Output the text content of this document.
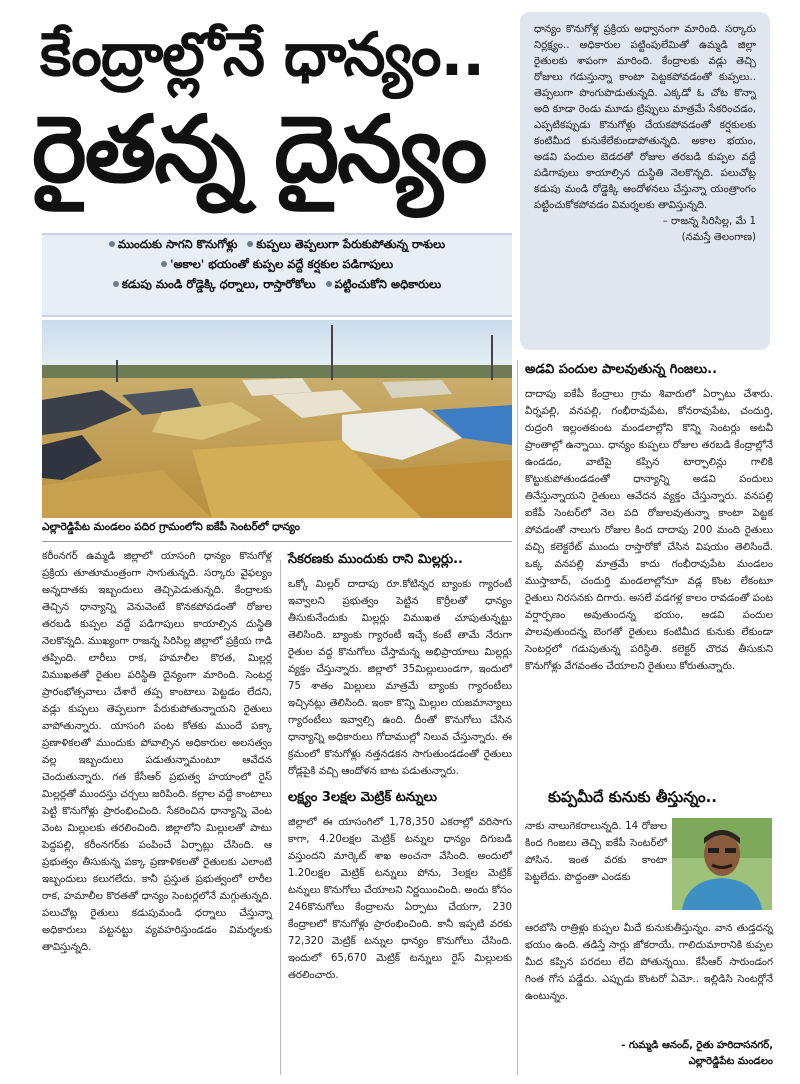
కేంద్రాల్లోనే ధాన్యం..
రైతన్న దైన్యం
ముందుకు సాగని కొనుగోళ్లు	కుప్పలు తెప్పలుగా పేరుకుపోతున్న రాశులు
'అకాల' భయంతో కుప్పల వద్దే కర్షకుల పడిగాపులు
కడుపు మండి రోడ్డెక్కి ధర్నాలు, రాస్తారోకోలు	పట్టించుకోని అధికారులు
ఎల్లారెడ్డిపేట మండలం పదిర గ్రామంలోని ఐకేపీ సెంటర్‌లో ధాన్యం
ధాన్యం కొనుగోళ్ల ప్రక్రియ అధ్వానంగా మారింది. సర్కారు నిర్లక్ష్యం.. అధికారుల పట్టింపులేమితో ఉమ్మడి జిల్లా రైతులకు శాపంగా మారింది. కేంద్రాలకు వడ్లు తెచ్చి రోజులు గడుస్తున్నా కాంటా పెట్టకపోవడంతో కుప్పలు.. తెప్పలుగా పొంగుపొడుతున్నది. ఎక్కడో ఓ చోట కొన్నా అది కూడా రెండు మూడు ట్రిప్పులు మాత్రమే సేకరించడం, ఎప్పటికప్పుడు కొనుగోళ్లు చేయకపోవడంతో కర్షకులకు కంటిమీద కునుకేలేకుండాపోతున్నది. అకాల భయం, అడవి పందుల బెడదతో రోజుల తరబడి కుప్పల వద్దే పడిగాపులు కాయాల్సిన దుస్థితి నెలకొన్నది. పలుచోట్ల కడుపు మండి రోడ్డెక్కి ఆందోళనలు చేస్తున్నా యంత్రాంగం పట్టించుకోకపోవడం విమర్శలకు తావిస్తున్నది.
– రాజన్న సిరిసిల్ల, మే 1
(నమస్తే తెలంగాణ)
కరీంనగర్ ఉమ్మడి జిల్లాలో యాసంగి ధాన్యం కొనుగోళ్ల ప్రక్రియ తూతూమంత్రంగా సాగుతున్నది. సర్కారు వైఫల్యం అన్నదాతకు ఇబ్బందులు తెచ్చిపెడుతున్నది. కేంద్రాలకు తెచ్చిన ధాన్యాన్ని వెనువెంటే కొనకపోవడంతో రోజుల తరబడి కుప్పల వద్దే పడిగాపులు కాయాల్సిన దుస్థితి నెలకొన్నది. ముఖ్యంగా రాజన్న సిరిసిల్ల జిల్లాలో ప్రక్రియ గాడి తప్పింది. లారీలు రాక, హమాలీల కొరత, మిల్లర్ల విముఖతతో రైతుల పరిస్థితి దైన్యంగా మారింది. సెంటర్ల ప్రారంభోత్సవాలు చేశారే తప్ప కాంటాలు పెట్టడం లేదని, వడ్లు కుప్పలు తెప్పలుగా పేరుకుపోతున్నాయని రైతులు వాపోతున్నారు. యాసంగి పంట కోతకు ముందే పక్కా ప్రణాళికలతో ముందుకు పోవాల్సిన అధికారుల అలసత్వం వల్ల ఇబ్బందులు పడుతున్నామంటూ ఆవేదన చెందుతున్నారు. గత కేసీఆర్ ప్రభుత్వ హయాంలో రైస్ మిల్లర్లతో ముందస్తు చర్చలు జరిపింది. కల్లాల వద్దే కాంటాలు పెట్టి కొనుగోళ్లు ప్రారంభించింది. సేకరించిన ధాన్యాన్ని వెంట వెంట మిల్లులకు తరలించింది. జిల్లాలోని మిల్లులతో పాటు పెద్దపల్లి, కరీంనగర్‌కు పంపించే ఏర్పాట్లు చేసింది. ఆ ప్రభుత్వం తీసుకున్న పక్కా ప్రణాళికలతో రైతులకు ఎలాంటి ఇబ్బందులు కలుగలేదు. కానీ ప్రస్తుత ప్రభుత్వంలో లారీల రాక, హమాలీల కొరతతో ధాన్యం సెంటర్లలోనే మగ్గుతున్నది. పలుచోట్ల రైతులు కడుపుమండి ధర్నాలు చేస్తున్నా అధికారులు పట్టనట్టు వ్యవహరిస్తుండడం విమర్శలకు తావిస్తున్నది.
సేకరణకు ముందుకు రాని మిల్లర్లు..
ఒక్కో మిల్లర్ దాదాపు రూ.కోటిన్నర బ్యాంకు గ్యారంటీ ఇవ్వాలని ప్రభుత్వం పెట్టిన కొర్రీలతో ధాన్యం తీసుకునేందుకు మిల్లర్లు విముఖత చూపుతున్నట్టు తెలిసింది. బ్యాంకు గ్యారంటీ ఇచ్చే కంటే తామే నేరుగా రైతుల వద్ద కొనుగోలు చేస్తామన్న అభిప్రాయాలు మిల్లర్లు వ్యక్తం చేస్తున్నారు. జిల్లాలో 35మిల్లులుండగా, ఇందులో 75 శాతం మిల్లులు మాత్రమే బ్యాంకు గ్యారంటీలు ఇచ్చినట్లు తెలిసింది. ఇంకా కొన్ని మిల్లుల యజమాన్యాలు గ్యారంటీలు ఇవ్వాల్సి ఉంది. దీంతో కొనుగోలు చేసిన ధాన్యాన్ని అధికారులు గోదాముల్లో నిలువ చేస్తున్నారు. ఈ క్రమంలో కొనుగోళ్లు నత్తనడకన సాగుతుండడంతో రైతులు రోడ్లపైకి వచ్చి ఆందోళన బాట పడుతున్నారు.
లక్ష్యం 3లక్షల మెట్రిక్ టన్నులు
జిల్లాలో ఈ యాసంగిలో 1,78,350 ఎకరాల్లో వరిసాగు కాగా, 4.20లక్షల మెట్రిక్ టన్నుల ధాన్యం దిగుబడి వస్తుందని మార్కెట్ శాఖ అంచనా వేసింది. అందులో 1.20లక్షల మెట్రిక్ టన్నులు పోను, 3లక్షల మెట్రిక్ టన్నులు కొనుగోలు చేయాలని నిర్ణయించింది. అందు కోసం 246కొనుగోలు కేంద్రాలను ఏర్పాటు చేయగా, 230 కేంద్రాలలో కొనుగోళ్లు ప్రారంభించింది. కానీ ఇప్పటి వరకు 72,320 మెట్రిక్ టన్నుల ధాన్యం కొనుగోలు చేసింది. ఇందులో 65,670 మెట్రిక్ టన్నులు రైస్ మిల్లులకు తరలించారు.
అడవి పందుల పాలవుతున్న గింజలు..
దాదాపు ఐకేపీ కేంద్రాలు గ్రామ శివారులో ఏర్పాటు చేశారు. వీర్నపల్లి, వనపల్లి, గంభీరావుపేట, కోనరావుపేట, చందుర్తి, రుద్రంగి ఇల్లంతకుంట మండలాల్లోని కొన్ని సెంటర్లు అటవీ ప్రాంతాల్లో ఉన్నాయి. ధాన్యం కుప్పలు రోజుల తరబడి కేంద్రాల్లోనే ఉండడం, వాటిపై కప్పిన టార్పాలిన్లు గాలికి కొట్టుకుపోతుండడంతో ధాన్యాన్ని అడవి పందులు తినేస్తున్నాయని రైతులు ఆవేదన వ్యక్తం చేస్తున్నారు. వనపల్లి ఐకేపీ సెంటర్‌లో నెల పది రోజులవుతున్నా కాంటా పెట్టక పోవడంతో నాలుగు రోజుల కింద దాదాపు 200 మంది రైతులు వచ్చి కలెక్టరేట్ ముందు రాస్తారోకో చేసిన విషయం తెలిసిందే. ఒక్క వనపల్లి మాత్రమే కాదు గంభీరావుపేట మండలం ముస్తాబాద్, చందుర్తి మండలాల్లోనూ వడ్ల కొంట లేకంటూ రైతులు నిరసనకు దిగారు. అసలే వడగళ్ల కాలం రావడంతో పంట వర్షార్పణం అవుతుందన్న భయం, అడవి పందుల పాలవుతుందన్న బెంగతో రైతులు కంటిమీద కునుకు లేకుండా సెంటర్లలో గడుపుతున్న పరిస్థితి. కలెక్టర్ చొరవ తీసుకుని కొనుగోళ్లు వేగవంతం చేయాలని రైతులు కోరుతున్నారు.
కుప్పమీదే కునుకు తీస్తున్నం..
నాకు నాలుగెకరాలున్నది. 14 రోజుల కింద గింజలు తెచ్చి ఐకేపీ సెంటర్‌లో పోసిన. ఇంత వరకు కాంటా పెట్టలేదు. పొద్దంతా ఎండకు
ఆరబోసి రాత్రిళ్లు కుప్పల మీదే కునుకుతీస్తున్నం. వాన తుడ్తదన్న భయం ఉంది. తడిస్తే సార్లు జోకరాయే. గాలిదుమారానికి కుప్పల మీద కప్పిన పరదలు లేచి పోతున్నయి. కేసీఆర్ సారుండంగ గింత గోస పడ్డేదు. ఎప్పుడు కొంటరో ఏమో.. ఇల్లిడిసి సెంటర్లోనే ఉంటున్నం.
- గుమ్మడి ఆనంద్, రైతు హరిదాసనగర్,
ఎల్లారెడ్డిపేట మండలం
